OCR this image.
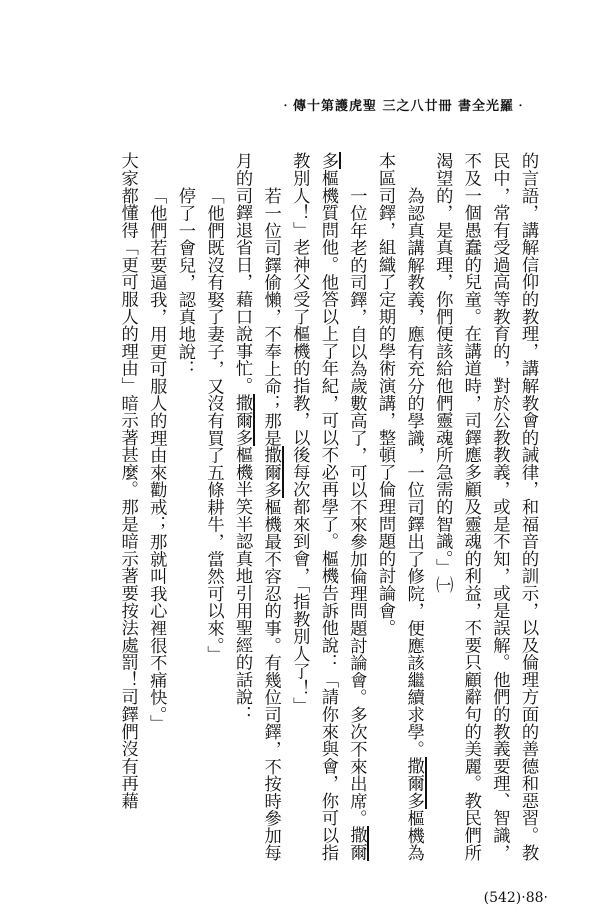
‧傳十第護虎聖 三之八廿冊 書全光羅‧

的言語，講解信仰的教理，講解教會的誡律，和福音的訓示，以及倫理方面的善德和惡習。教民中，常有受過高等教育的，對於公教教義，或是不知，或是誤解。他們的教義要理、智識，不及一個愚蠢的兒童。在講道時，司鐸應多顧及靈魂的利益，不要只顧辭句的美麗。教民們所渴望的，是真理，你們便該給他們靈魂所急需的智識。」㈠

為認真講解教義，應有充分的學識，一位司鐸出了修院，便應該繼續求學。撒爾多樞機為本區司鐸，組織了定期的學術演講，整頓了倫理問題的討論會。

一位年老的司鐸，自以為歲數高了，可以不來參加倫理問題討論會。多次不來出席。撒爾多樞機質問他。他答以上了年紀，可以不必再學了。樞機告訴他說：「請你來與會，你可以指教別人！」老神父受了樞機的指教，以後每次都來到會，「指教別人了！」

若一位司鐸偷懶，不奉上命；那是撒爾多樞機最不容忍的事。有幾位司鐸，不按時參加每月的司鐸退省日，藉口說事忙。撒爾多樞機半笑半認真地引用聖經的話說：

「他們既沒有娶了妻子，又沒有買了五條耕牛，當然可以來。」

停了一會兒，認真地說：

「他們若要逼我，用更可服人的理由來勸戒；那就叫我心裡很不痛快。」

大家都懂得「更可服人的理由」暗示著甚麼。那是暗示著要按法處罰！司鐸們沒有再藉

(542)‧88‧
